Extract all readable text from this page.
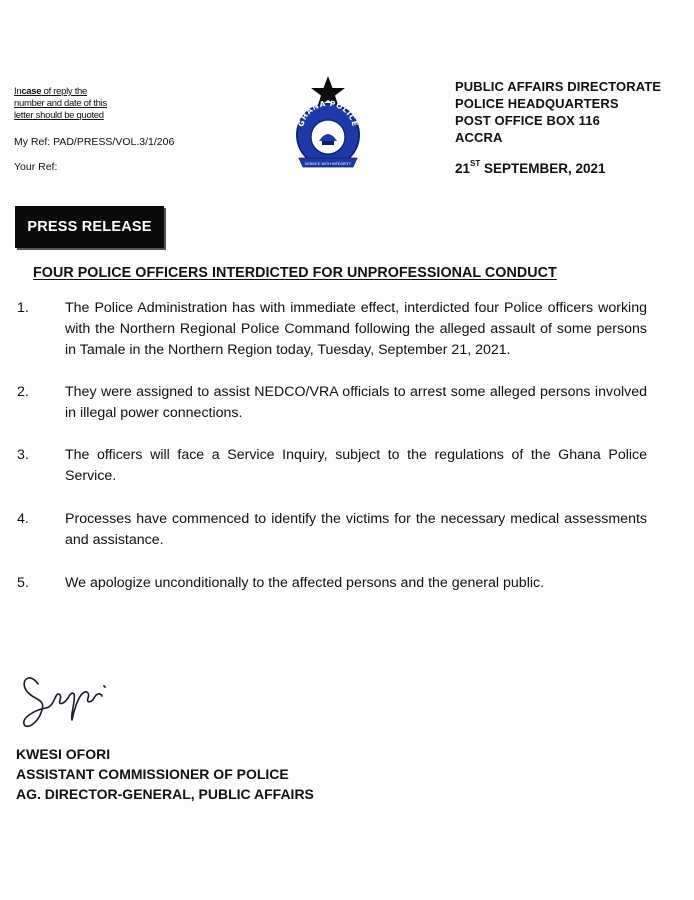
Incase of reply the
number and date of this
letter should be quoted
My Ref: PAD/PRESS/VOL.3/1/206
Your Ref:
GHANA POLICE
SERVICE WITH INTEGRITY
PUBLIC AFFAIRS DIRECTORATE
POLICE HEADQUARTERS
POST OFFICE BOX 116
ACCRA
21ST SEPTEMBER, 2021
PRESS RELEASE
FOUR POLICE OFFICERS INTERDICTED FOR UNPROFESSIONAL CONDUCT
1.	The Police Administration has with immediate effect, interdicted four Police officers working with the Northern Regional Police Command following the alleged assault of some persons in Tamale in the Northern Region today, Tuesday, September 21, 2021.
2.	They were assigned to assist NEDCO/VRA officials to arrest some alleged persons involved in illegal power connections.
3.	The officers will face a Service Inquiry, subject to the regulations of the Ghana Police Service.
4.	Processes have commenced to identify the victims for the necessary medical assessments and assistance.
5.	We apologize unconditionally to the affected persons and the general public.
KWESI OFORI
ASSISTANT COMMISSIONER OF POLICE
AG. DIRECTOR-GENERAL, PUBLIC AFFAIRS
